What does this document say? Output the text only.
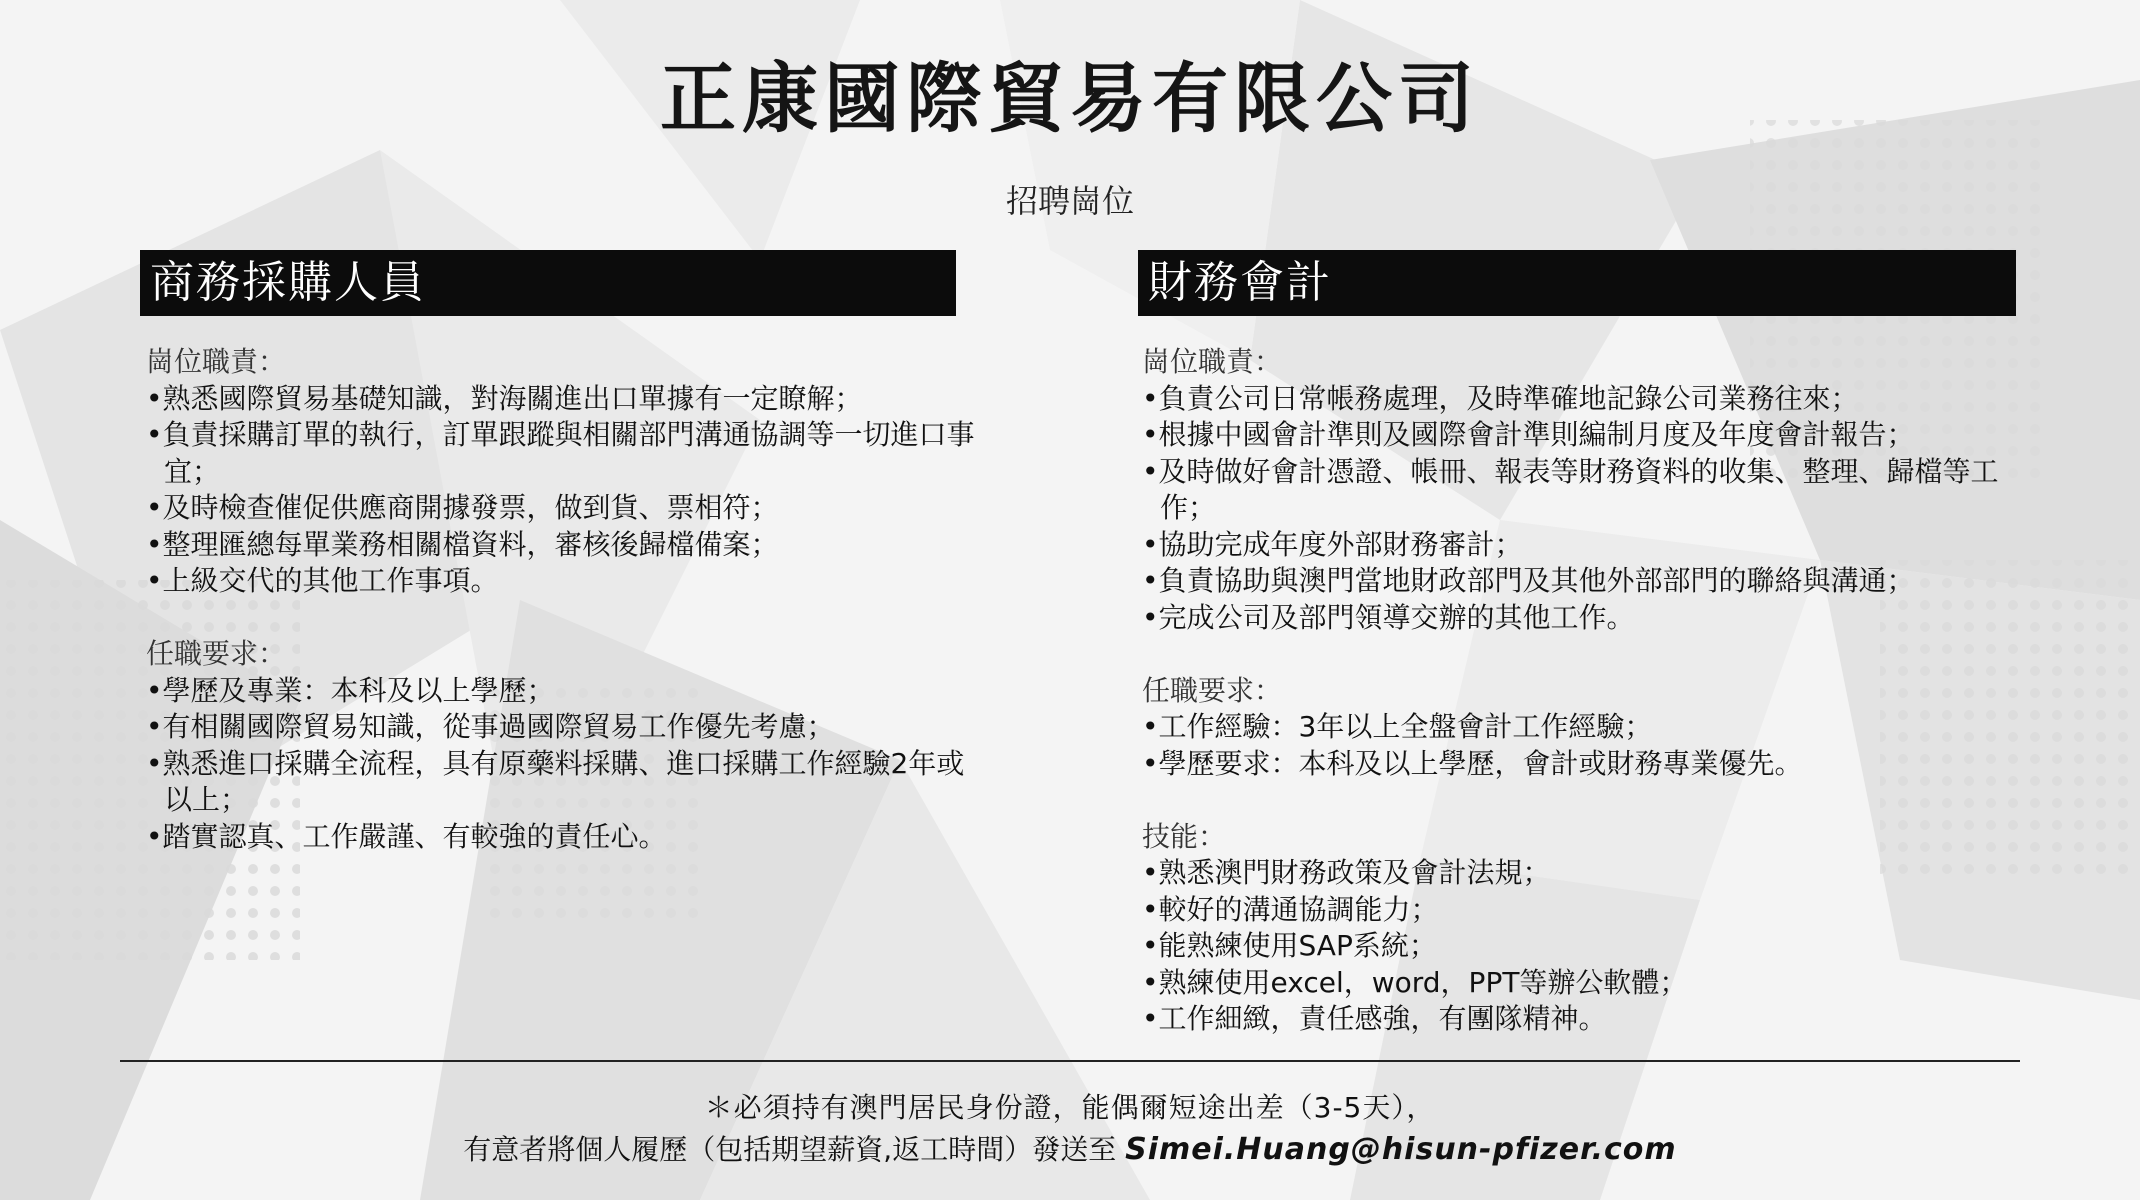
正康國際貿易有限公司
招聘崗位
商務採購人員
崗位職責：
•熟悉國際貿易基礎知識，對海關進出口單據有一定瞭解；
•負責採購訂單的執行，訂單跟蹤與相關部門溝通協調等一切進口事宜；
•及時檢查催促供應商開據發票，做到貨、票相符；
•整理匯總每單業務相關檔資料，審核後歸檔備案；
•上級交代的其他工作事項。
任職要求：
•學歷及專業：本科及以上學歷；
•有相關國際貿易知識，從事過國際貿易工作優先考慮；
•熟悉進口採購全流程，具有原藥料採購、進口採購工作經驗2年或以上；
•踏實認真、工作嚴謹、有較強的責任心。
財務會計
崗位職責：
•負責公司日常帳務處理，及時準確地記錄公司業務往來；
•根據中國會計準則及國際會計準則編制月度及年度會計報告；
•及時做好會計憑證、帳冊、報表等財務資料的收集、整理、歸檔等工作；
•協助完成年度外部財務審計；
•負責協助與澳門當地財政部門及其他外部部門的聯絡與溝通；
•完成公司及部門領導交辦的其他工作。
任職要求：
•工作經驗：3年以上全盤會計工作經驗；
•學歷要求：本科及以上學歷，會計或財務專業優先。
技能：
•熟悉澳門財務政策及會計法規；
•較好的溝通協調能力；
•能熟練使用SAP系統；
•熟練使用excel，word，PPT等辦公軟體；
•工作細緻，責任感強，有團隊精神。
＊必須持有澳門居民身份證，能偶爾短途出差（3-5天），
有意者將個人履歷（包括期望薪資,返工時間）發送至 Simei.Huang@hisun-pfizer.com
